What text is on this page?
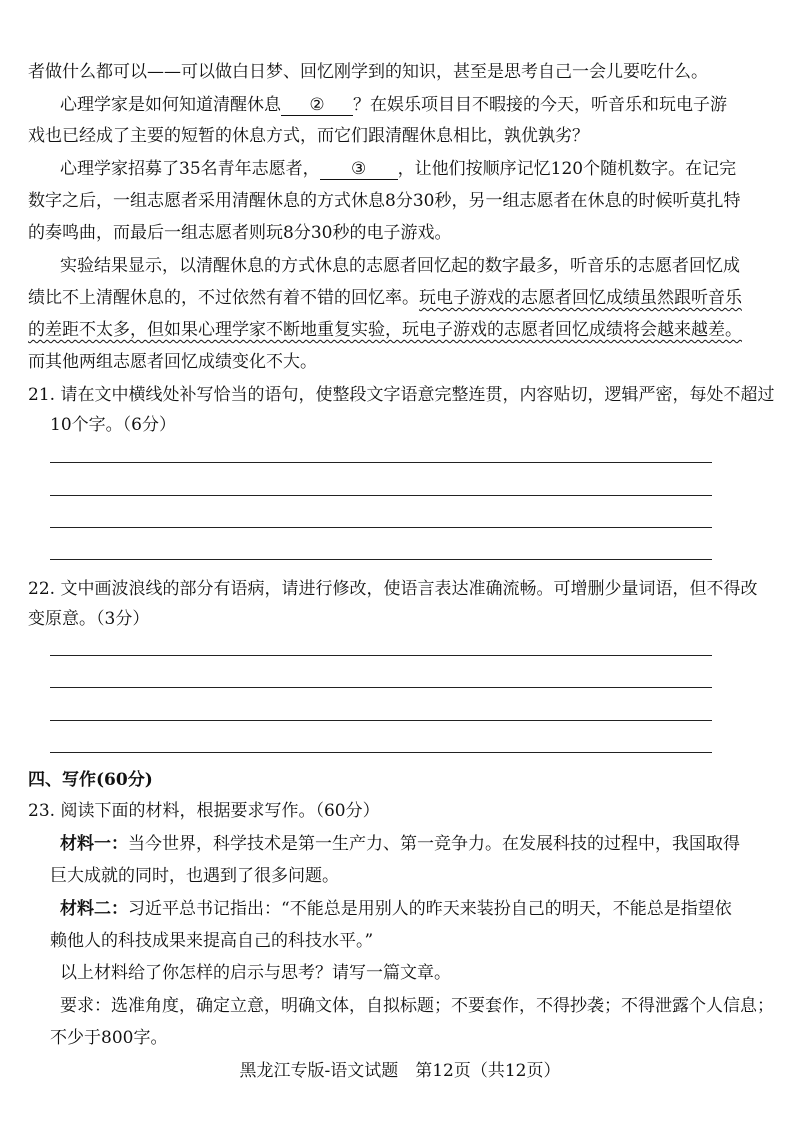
者做什么都可以——可以做白日梦、回忆刚学到的知识，甚至是思考自己一会儿要吃什么。
心理学家是如何知道清醒休息 ② ？在娱乐项目目不暇接的今天，听音乐和玩电子游
戏也已经成了主要的短暂的休息方式，而它们跟清醒休息相比，孰优孰劣？
心理学家招募了35名青年志愿者， ③ ，让他们按顺序记忆120个随机数字。在记完
数字之后，一组志愿者采用清醒休息的方式休息8分30秒，另一组志愿者在休息的时候听莫扎特
的奏鸣曲，而最后一组志愿者则玩8分30秒的电子游戏。
实验结果显示，以清醒休息的方式休息的志愿者回忆起的数字最多，听音乐的志愿者回忆成
绩比不上清醒休息的，不过依然有着不错的回忆率。玩电子游戏的志愿者回忆成绩虽然跟听音乐
的差距不太多，但如果心理学家不断地重复实验，玩电子游戏的志愿者回忆成绩将会越来越差。
而其他两组志愿者回忆成绩变化不大。
21. 请在文中横线处补写恰当的语句，使整段文字语意完整连贯，内容贴切，逻辑严密，每处不超过
10个字。（6分）
22. 文中画波浪线的部分有语病，请进行修改，使语言表达准确流畅。可增删少量词语，但不得改
变原意。（3分）
四、写作(60分)
23. 阅读下面的材料，根据要求写作。（60分）
材料一：当今世界，科学技术是第一生产力、第一竞争力。在发展科技的过程中，我国取得
巨大成就的同时，也遇到了很多问题。
材料二：习近平总书记指出：“不能总是用别人的昨天来装扮自己的明天，不能总是指望依
赖他人的科技成果来提高自己的科技水平。”
以上材料给了你怎样的启示与思考？请写一篇文章。
要求：选准角度，确定立意，明确文体，自拟标题；不要套作，不得抄袭；不得泄露个人信息；
不少于800字。
黑龙江专版-语文试题　第12页（共12页）
